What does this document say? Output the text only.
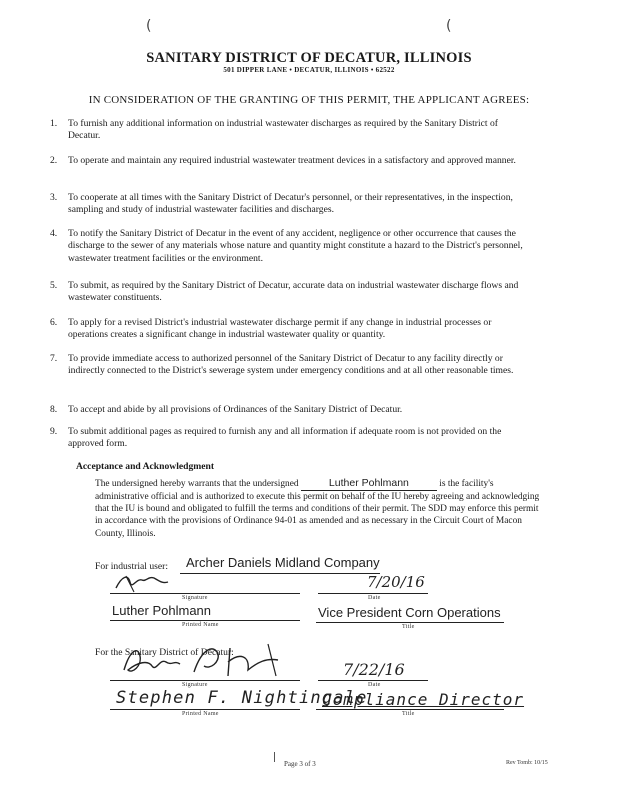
(	(
SANITARY DISTRICT OF DECATUR, ILLINOIS
501 DIPPER LANE • DECATUR, ILLINOIS • 62522
IN CONSIDERATION OF THE GRANTING OF THIS PERMIT, THE APPLICANT AGREES:
1.	To furnish any additional information on industrial wastewater discharges as required by the Sanitary District of Decatur.
2.	To operate and maintain any required industrial wastewater treatment devices in a satisfactory and approved manner.
3.	To cooperate at all times with the Sanitary District of Decatur's personnel, or their representatives, in the inspection, sampling and study of industrial wastewater facilities and discharges.
4.	To notify the Sanitary District of Decatur in the event of any accident, negligence or other occurrence that causes the discharge to the sewer of any materials whose nature and quantity might constitute a hazard to the District's personnel, wastewater treatment facilities or the environment.
5.	To submit, as required by the Sanitary District of Decatur, accurate data on industrial wastewater discharge flows and wastewater constituents.
6.	To apply for a revised District's industrial wastewater discharge permit if any change in industrial processes or operations creates a significant change in industrial wastewater quality or quantity.
7.	To provide immediate access to authorized personnel of the Sanitary District of Decatur to any facility directly or indirectly connected to the District's sewerage system under emergency conditions and at all other reasonable times.
8.	To accept and abide by all provisions of Ordinances of the Sanitary District of Decatur.
9.	To submit additional pages as required to furnish any and all information if adequate room is not provided on the approved form.
Acceptance and Acknowledgment
The undersigned hereby warrants that the undersigned	Luther Pohlmann	is the facility's administrative official and is authorized to execute this permit on behalf of the IU hereby agreeing and acknowledging that the IU is bound and obligated to fulfill the terms and conditions of their permit. The SDD may enforce this permit in accordance with the provisions of Ordinance 94-01 as amended and as necessary in the Circuit Court of Macon County, Illinois.
For industrial user: Archer Daniels Midland Company
Signature
7/20/16
Date
Luther Pohlmann
Printed Name
Vice President Corn Operations
Title
For the Sanitary District of Decatur:
Signature
7/22/16
Date
Stephen F. Nightingale
Printed Name
Compliance Director
Title
Page 3 of 3	Rev Tomb: 10/15
